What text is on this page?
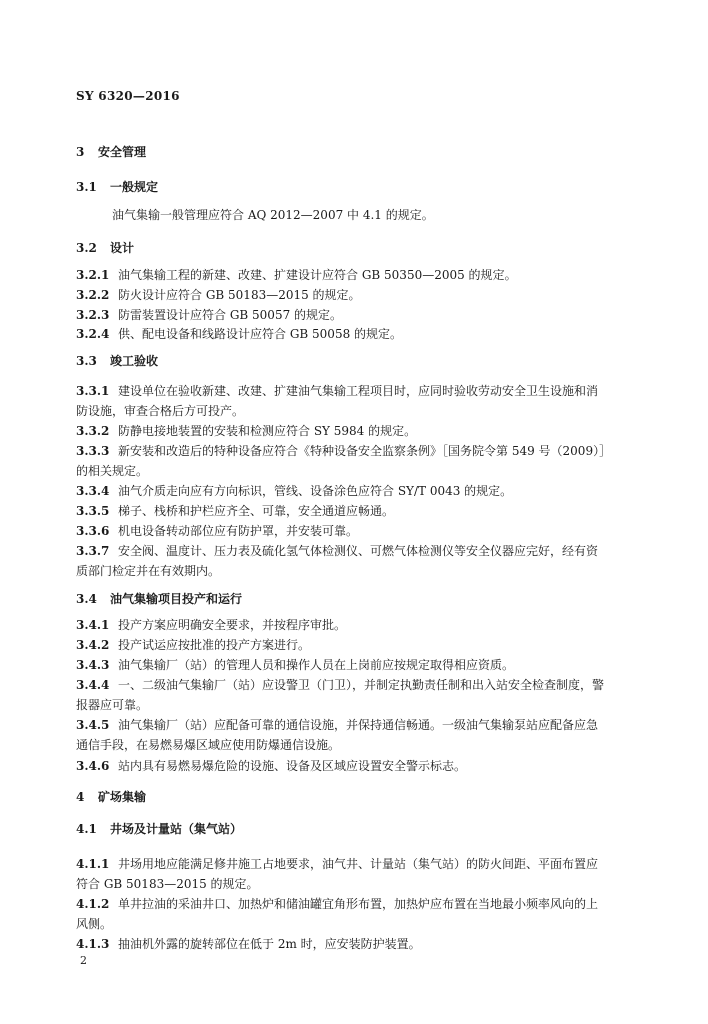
SY 6320—2016
3 安全管理
3.1 一般规定
油气集输一般管理应符合 AQ 2012—2007 中 4.1 的规定。
3.2 设计
3.2.1 油气集输工程的新建、改建、扩建设计应符合 GB 50350—2005 的规定。
3.2.2 防火设计应符合 GB 50183—2015 的规定。
3.2.3 防雷装置设计应符合 GB 50057 的规定。
3.2.4 供、配电设备和线路设计应符合 GB 50058 的规定。
3.3 竣工验收
3.3.1 建设单位在验收新建、改建、扩建油气集输工程项目时，应同时验收劳动安全卫生设施和消
防设施，审查合格后方可投产。
3.3.2 防静电接地装置的安装和检测应符合 SY 5984 的规定。
3.3.3 新安装和改造后的特种设备应符合《特种设备安全监察条例》［国务院令第 549 号（2009）］
的相关规定。
3.3.4 油气介质走向应有方向标识，管线、设备涂色应符合 SY/T 0043 的规定。
3.3.5 梯子、栈桥和护栏应齐全、可靠，安全通道应畅通。
3.3.6 机电设备转动部位应有防护罩，并安装可靠。
3.3.7 安全阀、温度计、压力表及硫化氢气体检测仪、可燃气体检测仪等安全仪器应完好，经有资
质部门检定并在有效期内。
3.4 油气集输项目投产和运行
3.4.1 投产方案应明确安全要求，并按程序审批。
3.4.2 投产试运应按批准的投产方案进行。
3.4.3 油气集输厂（站）的管理人员和操作人员在上岗前应按规定取得相应资质。
3.4.4 一、二级油气集输厂（站）应设警卫（门卫），并制定执勤责任制和出入站安全检查制度，警
报器应可靠。
3.4.5 油气集输厂（站）应配备可靠的通信设施，并保持通信畅通。一级油气集输泵站应配备应急
通信手段，在易燃易爆区域应使用防爆通信设施。
3.4.6 站内具有易燃易爆危险的设施、设备及区域应设置安全警示标志。
4 矿场集输
4.1 井场及计量站（集气站）
4.1.1 井场用地应能满足修井施工占地要求，油气井、计量站（集气站）的防火间距、平面布置应
符合 GB 50183—2015 的规定。
4.1.2 单井拉油的采油井口、加热炉和储油罐宜角形布置，加热炉应布置在当地最小频率风向的上
风侧。
4.1.3 抽油机外露的旋转部位在低于 2m 时，应安装防护装置。
2
